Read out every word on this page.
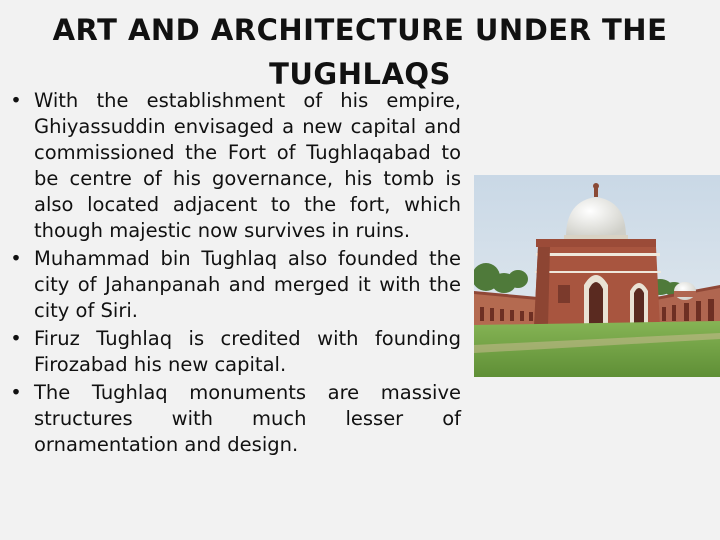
ART AND ARCHITECTURE UNDER THE
TUGHLAQS
• With the establishment of his empire, Ghiyassuddin envisaged a new capital and commissioned the Fort of Tughlaqabad to be centre of his governance, his tomb is also located adjacent to the fort, which though majestic now survives in ruins.
• Muhammad bin Tughlaq also founded the city of Jahanpanah and merged it with the city of Siri.
• Firuz Tughlaq is credited with founding Firozabad his new capital.
• The Tughlaq monuments are massive structures with much lesser of ornamentation and design.
